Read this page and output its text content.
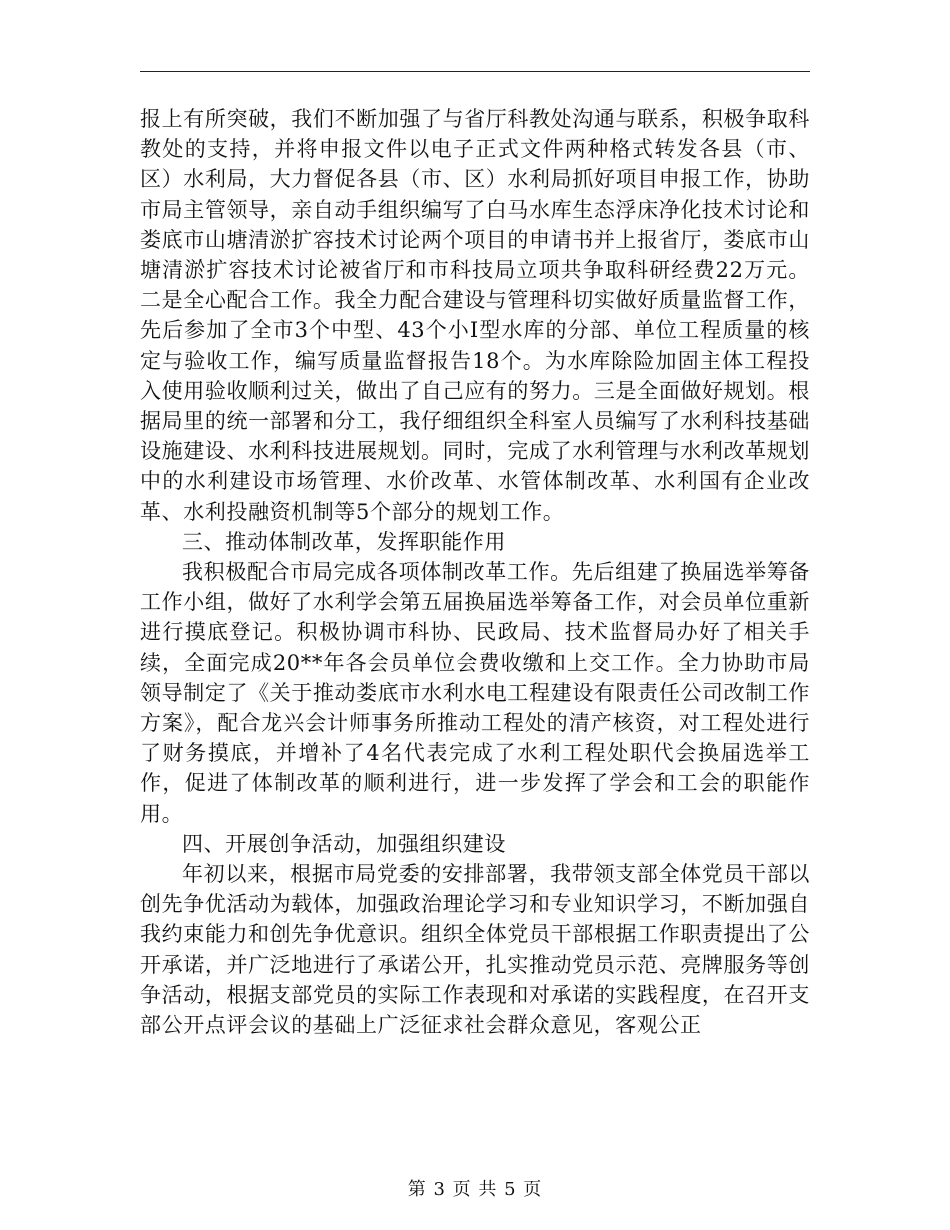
报上有所突破，我们不断加强了与省厅科教处沟通与联系，积极争取科教处的支持，并将申报文件以电子正式文件两种格式转发各县（市、区）水利局，大力督促各县（市、区）水利局抓好项目申报工作，协助市局主管领导，亲自动手组织编写了白马水库生态浮床净化技术讨论和娄底市山塘清淤扩容技术讨论两个项目的申请书并上报省厅，娄底市山塘清淤扩容技术讨论被省厅和市科技局立项共争取科研经费22万元。二是全心配合工作。我全力配合建设与管理科切实做好质量监督工作，先后参加了全市3个中型、43个小Ⅰ型水库的分部、单位工程质量的核定与验收工作，编写质量监督报告18个。为水库除险加固主体工程投入使用验收顺利过关，做出了自己应有的努力。三是全面做好规划。根据局里的统一部署和分工，我仔细组织全科室人员编写了水利科技基础设施建设、水利科技进展规划。同时，完成了水利管理与水利改革规划中的水利建设市场管理、水价改革、水管体制改革、水利国有企业改革、水利投融资机制等5个部分的规划工作。

三、推动体制改革，发挥职能作用

我积极配合市局完成各项体制改革工作。先后组建了换届选举筹备工作小组，做好了水利学会第五届换届选举筹备工作，对会员单位重新进行摸底登记。积极协调市科协、民政局、技术监督局办好了相关手续，全面完成20**年各会员单位会费收缴和上交工作。全力协助市局领导制定了《关于推动娄底市水利水电工程建设有限责任公司改制工作方案》，配合龙兴会计师事务所推动工程处的清产核资，对工程处进行了财务摸底，并增补了4名代表完成了水利工程处职代会换届选举工作，促进了体制改革的顺利进行，进一步发挥了学会和工会的职能作用。

四、开展创争活动，加强组织建设

年初以来，根据市局党委的安排部署，我带领支部全体党员干部以创先争优活动为载体，加强政治理论学习和专业知识学习，不断加强自我约束能力和创先争优意识。组织全体党员干部根据工作职责提出了公开承诺，并广泛地进行了承诺公开，扎实推动党员示范、亮牌服务等创争活动，根据支部党员的实际工作表现和对承诺的实践程度，在召开支部公开点评会议的基础上广泛征求社会群众意见，客观公正

第 3 页 共 5 页
